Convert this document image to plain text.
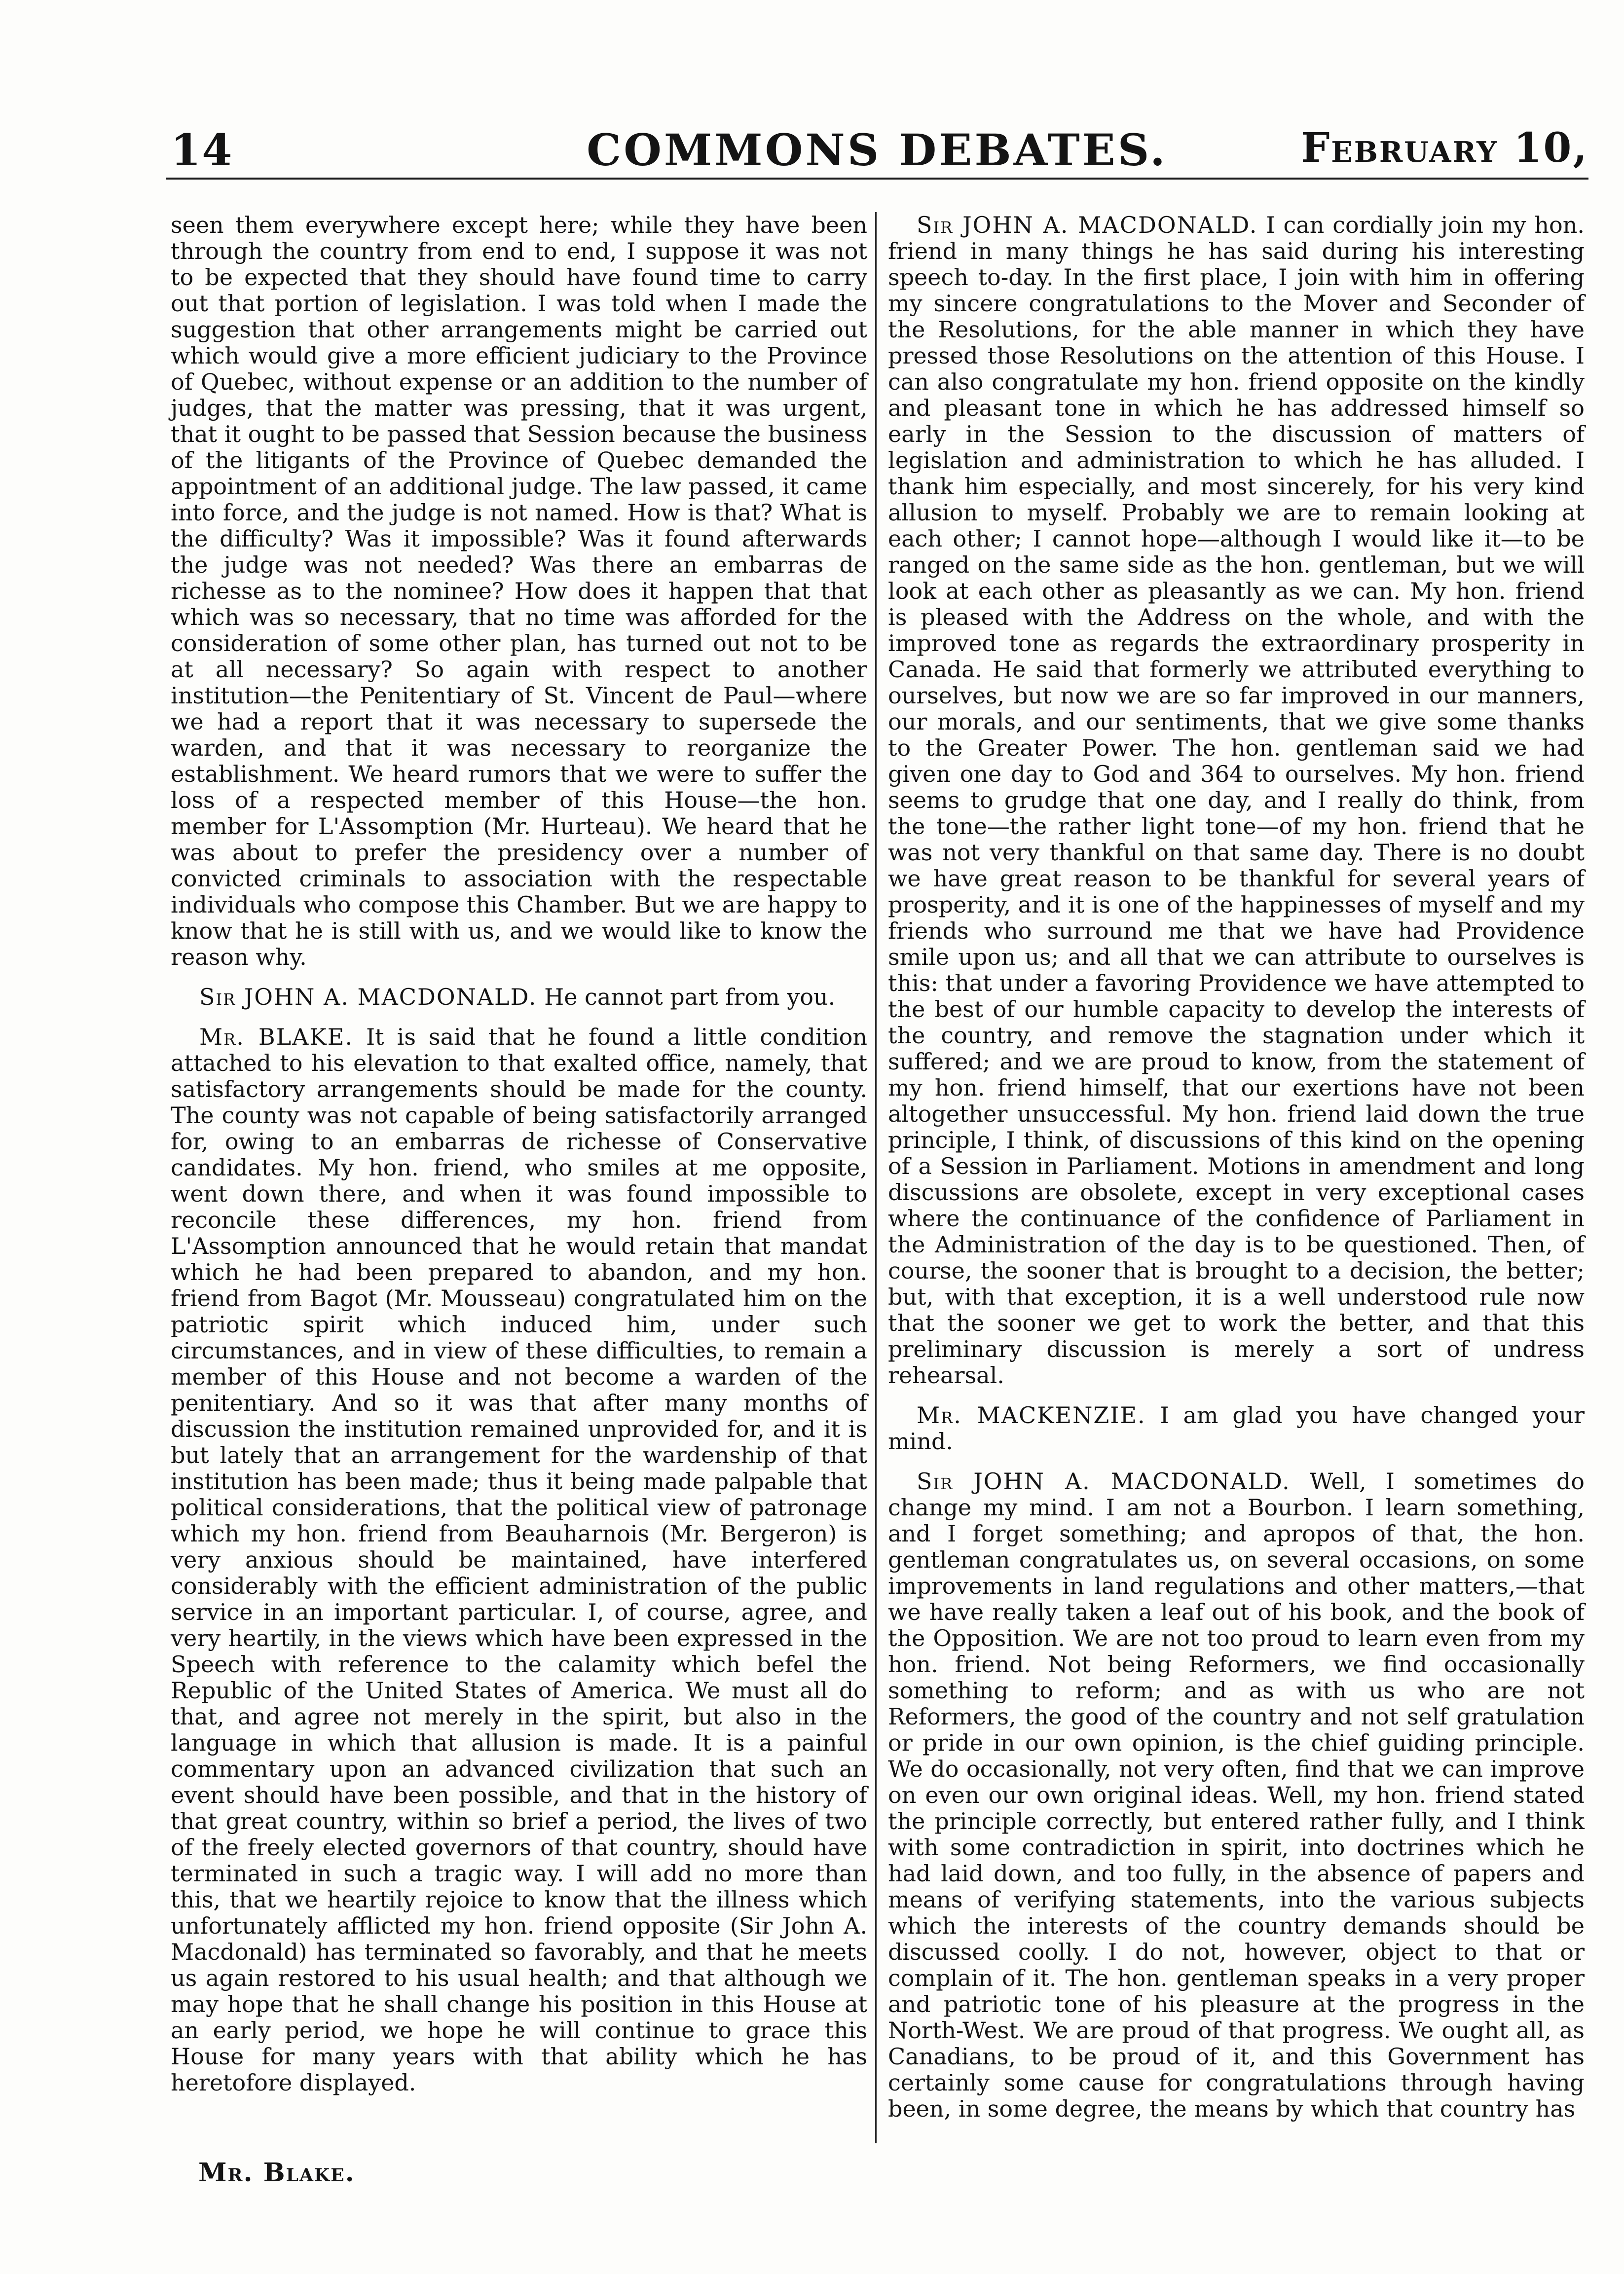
14	COMMONS DEBATES.	February 10,

seen them everywhere except here; while they have been through the country from end to end, I suppose it was not to be expected that they should have found time to carry out that portion of legislation. I was told when I made the suggestion that other arrangements might be carried out which would give a more efficient judiciary to the Province of Quebec, without expense or an addition to the number of judges, that the matter was pressing, that it was urgent, that it ought to be passed that Session because the business of the litigants of the Province of Quebec demanded the appointment of an additional judge. The law passed, it came into force, and the judge is not named. How is that? What is the difficulty? Was it impossible? Was it found afterwards the judge was not needed? Was there an embarras de richesse as to the nominee? How does it happen that that which was so necessary, that no time was afforded for the consideration of some other plan, has turned out not to be at all necessary? So again with respect to another institution—the Penitentiary of St. Vincent de Paul—where we had a report that it was necessary to supersede the warden, and that it was necessary to reorganize the establishment. We heard rumors that we were to suffer the loss of a respected member of this House—the hon. member for L'Assomption (Mr. Hurteau). We heard that he was about to prefer the presidency over a number of convicted criminals to association with the respectable individuals who compose this Chamber. But we are happy to know that he is still with us, and we would like to know the reason why.

Sir JOHN A. MACDONALD. He cannot part from you.

Mr. BLAKE. It is said that he found a little condition attached to his elevation to that exalted office, namely, that satisfactory arrangements should be made for the county. The county was not capable of being satisfactorily arranged for, owing to an embarras de richesse of Conservative candidates. My hon. friend, who smiles at me opposite, went down there, and when it was found impossible to reconcile these differences, my hon. friend from L'Assomption announced that he would retain that mandat which he had been prepared to abandon, and my hon. friend from Bagot (Mr. Mousseau) congratulated him on the patriotic spirit which induced him, under such circumstances, and in view of these difficulties, to remain a member of this House and not become a warden of the penitentiary. And so it was that after many months of discussion the institution remained unprovided for, and it is but lately that an arrangement for the wardenship of that institution has been made; thus it being made palpable that political considerations, that the political view of patronage which my hon. friend from Beauharnois (Mr. Bergeron) is very anxious should be maintained, have interfered considerably with the efficient administration of the public service in an important particular. I, of course, agree, and very heartily, in the views which have been expressed in the Speech with reference to the calamity which befel the Republic of the United States of America. We must all do that, and agree not merely in the spirit, but also in the language in which that allusion is made. It is a painful commentary upon an advanced civilization that such an event should have been possible, and that in the history of that great country, within so brief a period, the lives of two of the freely elected governors of that country, should have terminated in such a tragic way. I will add no more than this, that we heartily rejoice to know that the illness which unfortunately afflicted my hon. friend opposite (Sir John A. Macdonald) has terminated so favorably, and that he meets us again restored to his usual health; and that although we may hope that he shall change his position in this House at an early period, we hope he will continue to grace this House for many years with that ability which he has heretofore displayed.

Sir JOHN A. MACDONALD. I can cordially join my hon. friend in many things he has said during his interesting speech to-day. In the first place, I join with him in offering my sincere congratulations to the Mover and Seconder of the Resolutions, for the able manner in which they have pressed those Resolutions on the attention of this House. I can also congratulate my hon. friend opposite on the kindly and pleasant tone in which he has addressed himself so early in the Session to the discussion of matters of legislation and administration to which he has alluded. I thank him especially, and most sincerely, for his very kind allusion to myself. Probably we are to remain looking at each other; I cannot hope—although I would like it—to be ranged on the same side as the hon. gentleman, but we will look at each other as pleasantly as we can. My hon. friend is pleased with the Address on the whole, and with the improved tone as regards the extraordinary prosperity in Canada. He said that formerly we attributed everything to ourselves, but now we are so far improved in our manners, our morals, and our sentiments, that we give some thanks to the Greater Power. The hon. gentleman said we had given one day to God and 364 to ourselves. My hon. friend seems to grudge that one day, and I really do think, from the tone—the rather light tone—of my hon. friend that he was not very thankful on that same day. There is no doubt we have great reason to be thankful for several years of prosperity, and it is one of the happinesses of myself and my friends who surround me that we have had Providence smile upon us; and all that we can attribute to ourselves is this: that under a favoring Providence we have attempted to the best of our humble capacity to develop the interests of the country, and remove the stagnation under which it suffered; and we are proud to know, from the statement of my hon. friend himself, that our exertions have not been altogether unsuccessful. My hon. friend laid down the true principle, I think, of discussions of this kind on the opening of a Session in Parliament. Motions in amendment and long discussions are obsolete, except in very exceptional cases where the continuance of the confidence of Parliament in the Administration of the day is to be questioned. Then, of course, the sooner that is brought to a decision, the better; but, with that exception, it is a well understood rule now that the sooner we get to work the better, and that this preliminary discussion is merely a sort of undress rehearsal.

Mr. MACKENZIE. I am glad you have changed your mind.

Sir JOHN A. MACDONALD. Well, I sometimes do change my mind. I am not a Bourbon. I learn something, and I forget something; and apropos of that, the hon. gentleman congratulates us, on several occasions, on some improvements in land regulations and other matters,—that we have really taken a leaf out of his book, and the book of the Opposition. We are not too proud to learn even from my hon. friend. Not being Reformers, we find occasionally something to reform; and as with us who are not Reformers, the good of the country and not self gratulation or pride in our own opinion, is the chief guiding principle. We do occasionally, not very often, find that we can improve on even our own original ideas. Well, my hon. friend stated the principle correctly, but entered rather fully, and I think with some contradiction in spirit, into doctrines which he had laid down, and too fully, in the absence of papers and means of verifying statements, into the various subjects which the interests of the country demands should be discussed coolly. I do not, however, object to that or complain of it. The hon. gentleman speaks in a very proper and patriotic tone of his pleasure at the progress in the North-West. We are proud of that progress. We ought all, as Canadians, to be proud of it, and this Government has certainly some cause for congratulations through having been, in some degree, the means by which that country has

Mr. Blake.
